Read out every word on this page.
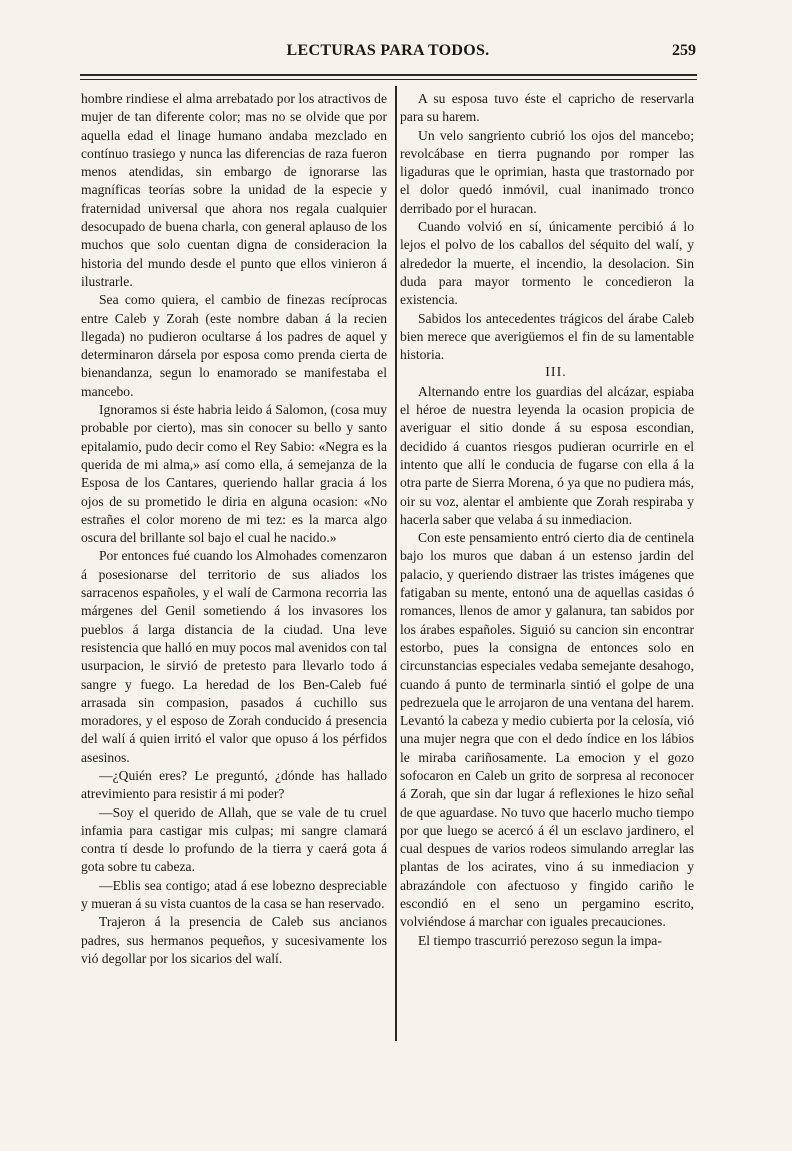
LECTURAS PARA TODOS.	259

hombre rindiese el alma arrebatado por los atractivos de mujer de tan diferente color; mas no se olvide que por aquella edad el linage humano andaba mezclado en contínuo trasiego y nunca las diferencias de raza fueron menos atendidas, sin embargo de ignorarse las magníficas teorías sobre la unidad de la especie y fraternidad universal que ahora nos regala cualquier desocupado de buena charla, con general aplauso de los muchos que solo cuentan digna de consideracion la historia del mundo desde el punto que ellos vinieron á ilustrarle.

Sea como quiera, el cambio de finezas recíprocas entre Caleb y Zorah (este nombre daban á la recien llegada) no pudieron ocultarse á los padres de aquel y determinaron dársela por esposa como prenda cierta de bienandanza, segun lo enamorado se manifestaba el mancebo.

Ignoramos si éste habria leido á Salomon, (cosa muy probable por cierto), mas sin conocer su bello y santo epitalamio, pudo decir como el Rey Sabio: «Negra es la querida de mi alma,» así como ella, á semejanza de la Esposa de los Cantares, queriendo hallar gracia á los ojos de su prometido le diria en alguna ocasion: «No estrañes el color moreno de mi tez: es la marca algo oscura del brillante sol bajo el cual he nacido.»

Por entonces fué cuando los Almohades comenzaron á posesionarse del territorio de sus aliados los sarracenos españoles, y el walí de Carmona recorria las márgenes del Genil sometiendo á los invasores los pueblos á larga distancia de la ciudad. Una leve resistencia que halló en muy pocos mal avenidos con tal usurpacion, le sirvió de pretesto para llevarlo todo á sangre y fuego. La heredad de los Ben-Caleb fué arrasada sin compasion, pasados á cuchillo sus moradores, y el esposo de Zorah conducido á presencia del walí á quien irritó el valor que opuso á los pérfidos asesinos.

—¿Quién eres? Le preguntó, ¿dónde has hallado atrevimiento para resistir á mi poder?

—Soy el querido de Allah, que se vale de tu cruel infamia para castigar mis culpas; mi sangre clamará contra tí desde lo profundo de la tierra y caerá gota á gota sobre tu cabeza.

—Eblis sea contigo; atad á ese lobezno despreciable y mueran á su vista cuantos de la casa se han reservado.

Trajeron á la presencia de Caleb sus ancianos padres, sus hermanos pequeños, y sucesivamente los vió degollar por los sicarios del walí.

A su esposa tuvo éste el capricho de reservarla para su harem.

Un velo sangriento cubrió los ojos del mancebo; revolcábase en tierra pugnando por romper las ligaduras que le oprimian, hasta que trastornado por el dolor quedó inmóvil, cual inanimado tronco derribado por el huracan.

Cuando volvió en sí, únicamente percibió á lo lejos el polvo de los caballos del séquito del walí, y alrededor la muerte, el incendio, la desolacion. Sin duda para mayor tormento le concedieron la existencia.

Sabidos los antecedentes trágicos del árabe Caleb bien merece que averigüemos el fin de su lamentable historia.

III.

Alternando entre los guardias del alcázar, espiaba el héroe de nuestra leyenda la ocasion propicia de averiguar el sitio donde á su esposa escondian, decidido á cuantos riesgos pudieran ocurrirle en el intento que allí le conducia de fugarse con ella á la otra parte de Sierra Morena, ó ya que no pudiera más, oir su voz, alentar el ambiente que Zorah respiraba y hacerla saber que velaba á su inmediacion.

Con este pensamiento entró cierto dia de centinela bajo los muros que daban á un estenso jardin del palacio, y queriendo distraer las tristes imágenes que fatigaban su mente, entonó una de aquellas casidas ó romances, llenos de amor y galanura, tan sabidos por los árabes españoles. Siguió su cancion sin encontrar estorbo, pues la consigna de entonces solo en circunstancias especiales vedaba semejante desahogo, cuando á punto de terminarla sintió el golpe de una pedrezuela que le arrojaron de una ventana del harem. Levantó la cabeza y medio cubierta por la celosía, vió una mujer negra que con el dedo índice en los lábios le miraba cariñosamente. La emocion y el gozo sofocaron en Caleb un grito de sorpresa al reconocer á Zorah, que sin dar lugar á reflexiones le hizo señal de que aguardase. No tuvo que hacerlo mucho tiempo por que luego se acercó á él un esclavo jardinero, el cual despues de varios rodeos simulando arreglar las plantas de los acirates, vino á su inmediacion y abrazándole con afectuoso y fingido cariño le escondió en el seno un pergamino escrito, volviéndose á marchar con iguales precauciones.

El tiempo trascurrió perezoso segun la impa-
